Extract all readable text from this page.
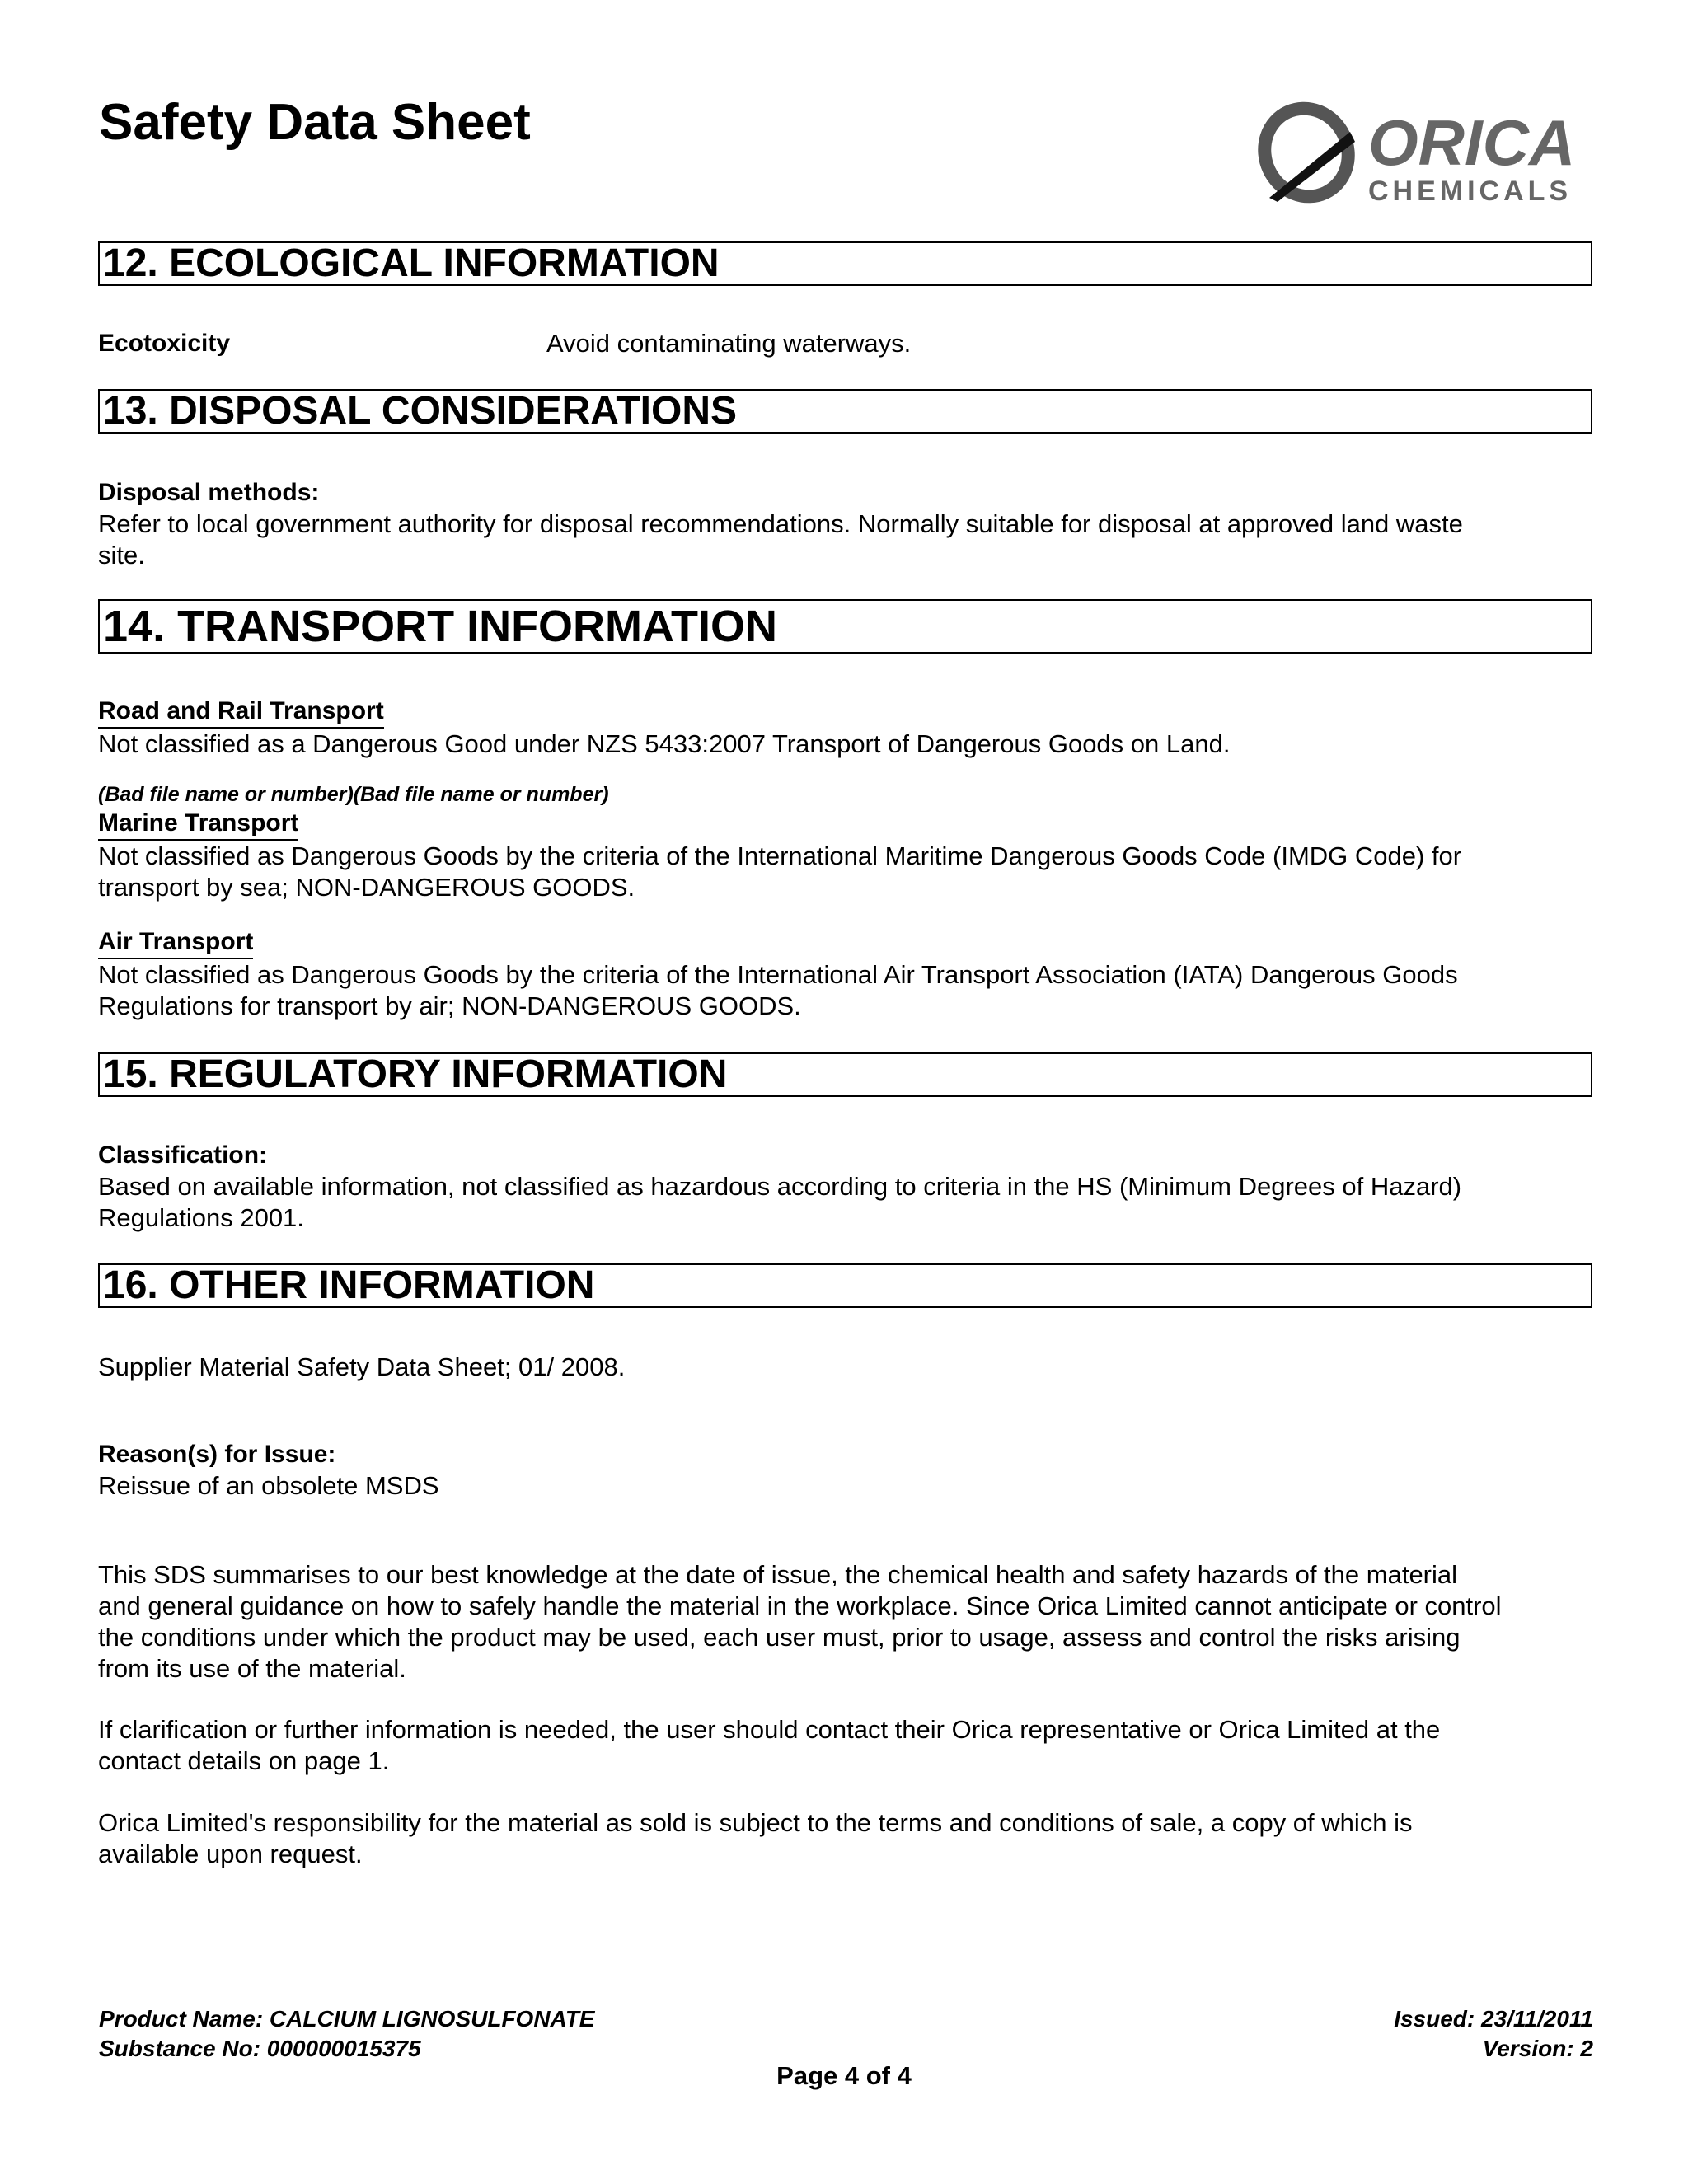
Safety Data Sheet	ORICA
CHEMICALS
12. ECOLOGICAL INFORMATION
Ecotoxicity	Avoid contaminating waterways.
13. DISPOSAL CONSIDERATIONS

Disposal methods:

Refer to local government authority for disposal recommendations. Normally suitable for disposal at approved land waste

site.

14. TRANSPORT INFORMATION

Road and Rail Transport

Not classified as a Dangerous Good under NZS 5433:2007 Transport of Dangerous Goods on Land.

(Bad file name or number)(Bad file name or number)

Marine Transport

Not classified as Dangerous Goods by the criteria of the International Maritime Dangerous Goods Code (IMDG Code) for

transport by sea; NON-DANGEROUS GOODS.

Air Transport

Not classified as Dangerous Goods by the criteria of the International Air Transport Association (IATA) Dangerous Goods

Regulations for transport by air; NON-DANGEROUS GOODS.

15. REGULATORY INFORMATION

Classification:

Based on available information, not classified as hazardous according to criteria in the HS (Minimum Degrees of Hazard)

Regulations 2001.

16. OTHER INFORMATION

Supplier Material Safety Data Sheet; 01/ 2008.

Reason(s) for Issue:

Reissue of an obsolete MSDS

This SDS summarises to our best knowledge at the date of issue, the chemical health and safety hazards of the material

and general guidance on how to safely handle the material in the workplace. Since Orica Limited cannot anticipate or control

the conditions under which the product may be used, each user must, prior to usage, assess and control the risks arising

from its use of the material.

If clarification or further information is needed, the user should contact their Orica representative or Orica Limited at the

contact details on page 1.

Orica Limited's responsibility for the material as sold is subject to the terms and conditions of sale, a copy of which is

available upon request.

Product Name: CALCIUM LIGNOSULFONATE
Substance No: 000000015375
Issued: 23/11/2011
Version: 2
Page 4 of 4
